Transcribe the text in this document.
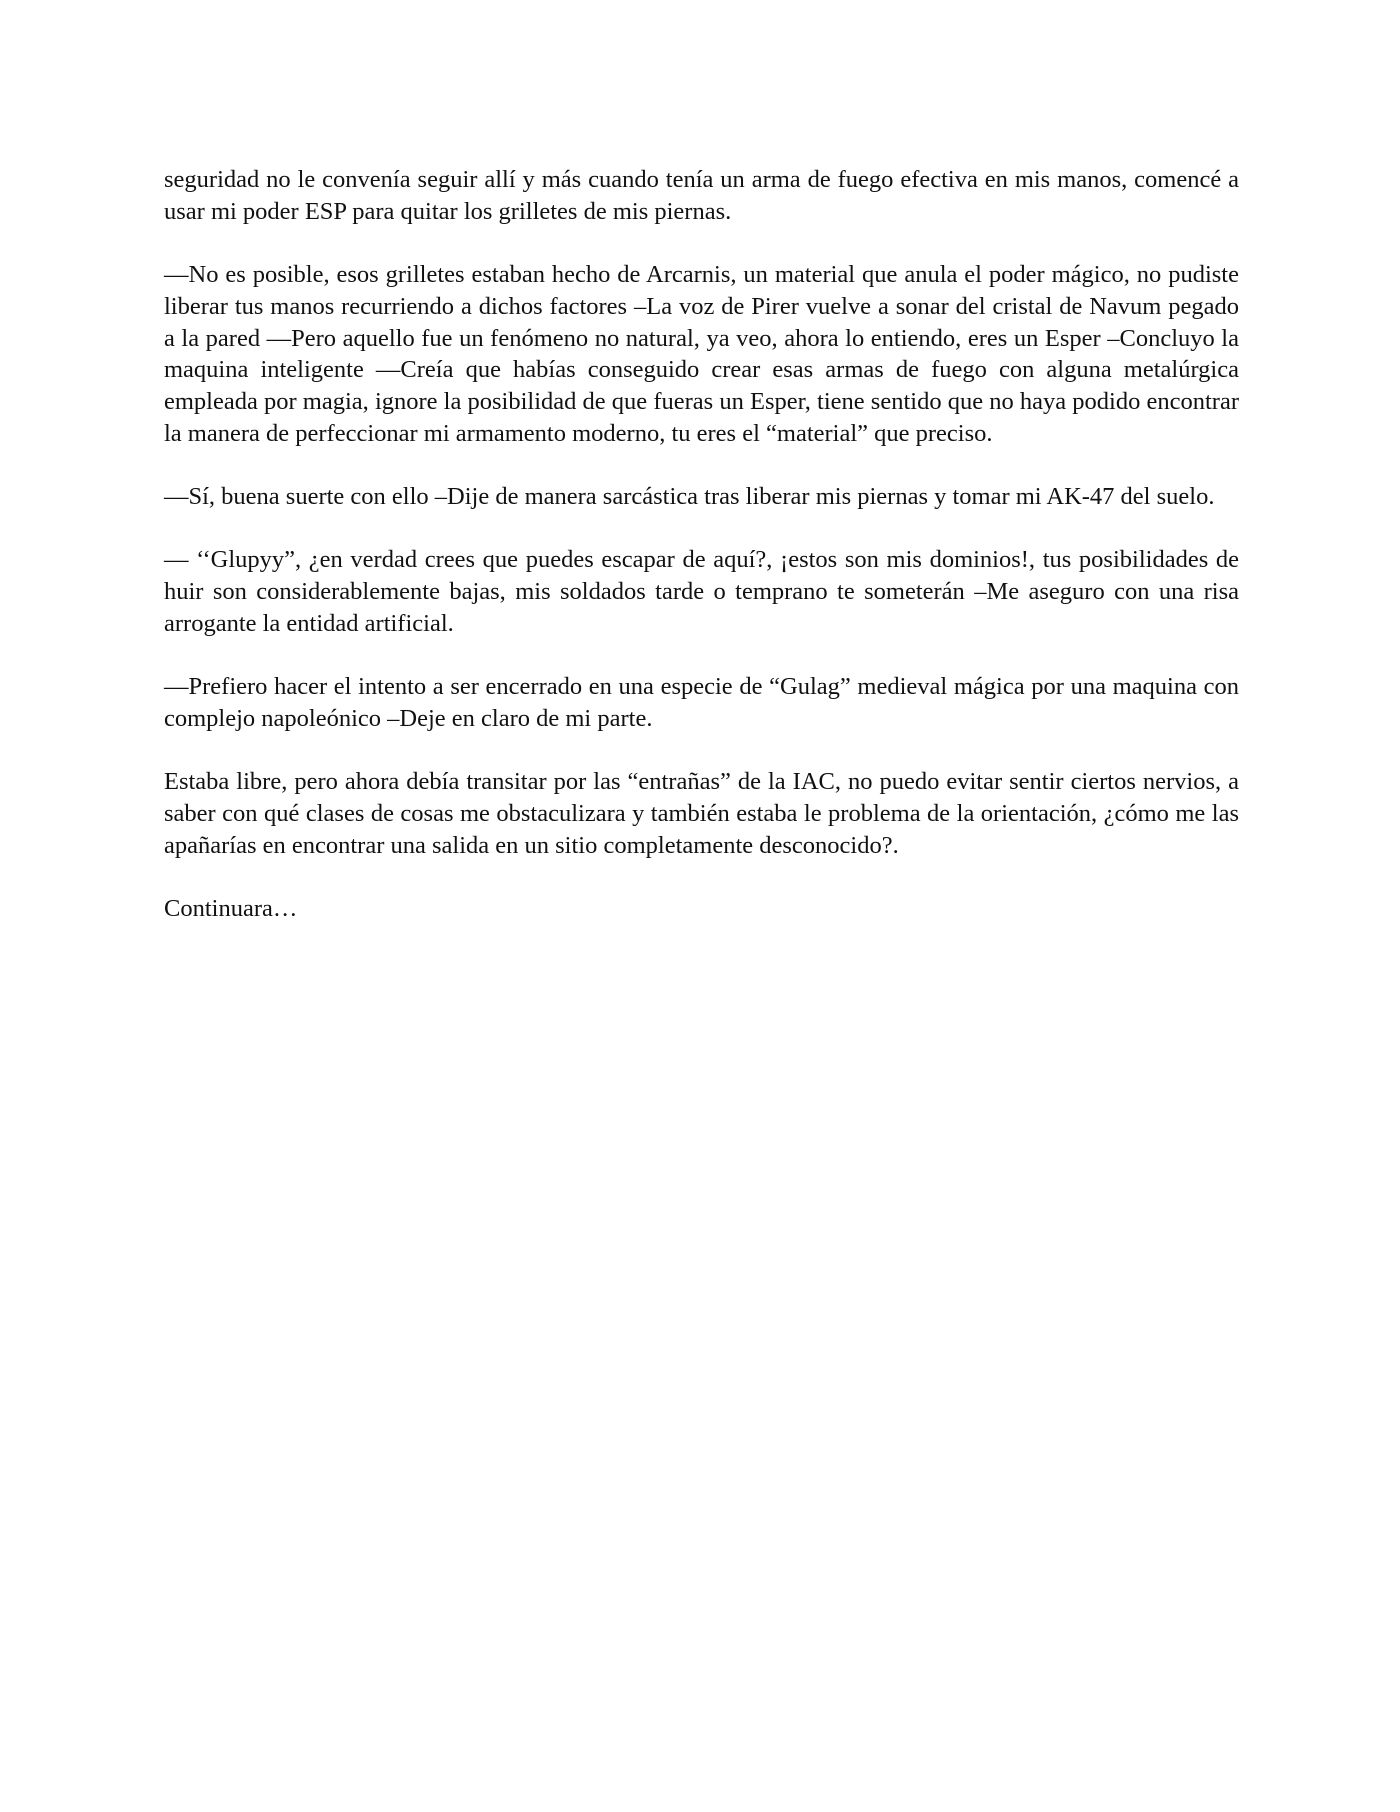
seguridad no le convenía seguir allí y más cuando tenía un arma de fuego efectiva en mis manos, comencé a usar mi poder ESP para quitar los grilletes de mis piernas.

—No es posible, esos grilletes estaban hecho de Arcarnis, un material que anula el poder mágico, no pudiste liberar tus manos recurriendo a dichos factores –La voz de Pirer vuelve a sonar del cristal de Navum pegado a la pared —Pero aquello fue un fenómeno no natural, ya veo, ahora lo entiendo, eres un Esper –Concluyo la maquina inteligente —Creía que habías conseguido crear esas armas de fuego con alguna metalúrgica empleada por magia, ignore la posibilidad de que fueras un Esper, tiene sentido que no haya podido encontrar la manera de perfeccionar mi armamento moderno, tu eres el “material” que preciso.

—Sí, buena suerte con ello –Dije de manera sarcástica tras liberar mis piernas y tomar mi AK-47 del suelo.

— ‘‘Glupyy”, ¿en verdad crees que puedes escapar de aquí?, ¡estos son mis dominios!, tus posibilidades de huir son considerablemente bajas, mis soldados tarde o temprano te someterán –Me aseguro con una risa arrogante la entidad artificial.

—Prefiero hacer el intento a ser encerrado en una especie de “Gulag” medieval mágica por una maquina con complejo napoleónico –Deje en claro de mi parte.

Estaba libre, pero ahora debía transitar por las “entrañas” de la IAC, no puedo evitar sentir ciertos nervios, a saber con qué clases de cosas me obstaculizara y también estaba le problema de la orientación, ¿cómo me las apañarías en encontrar una salida en un sitio completamente desconocido?.

Continuara…
